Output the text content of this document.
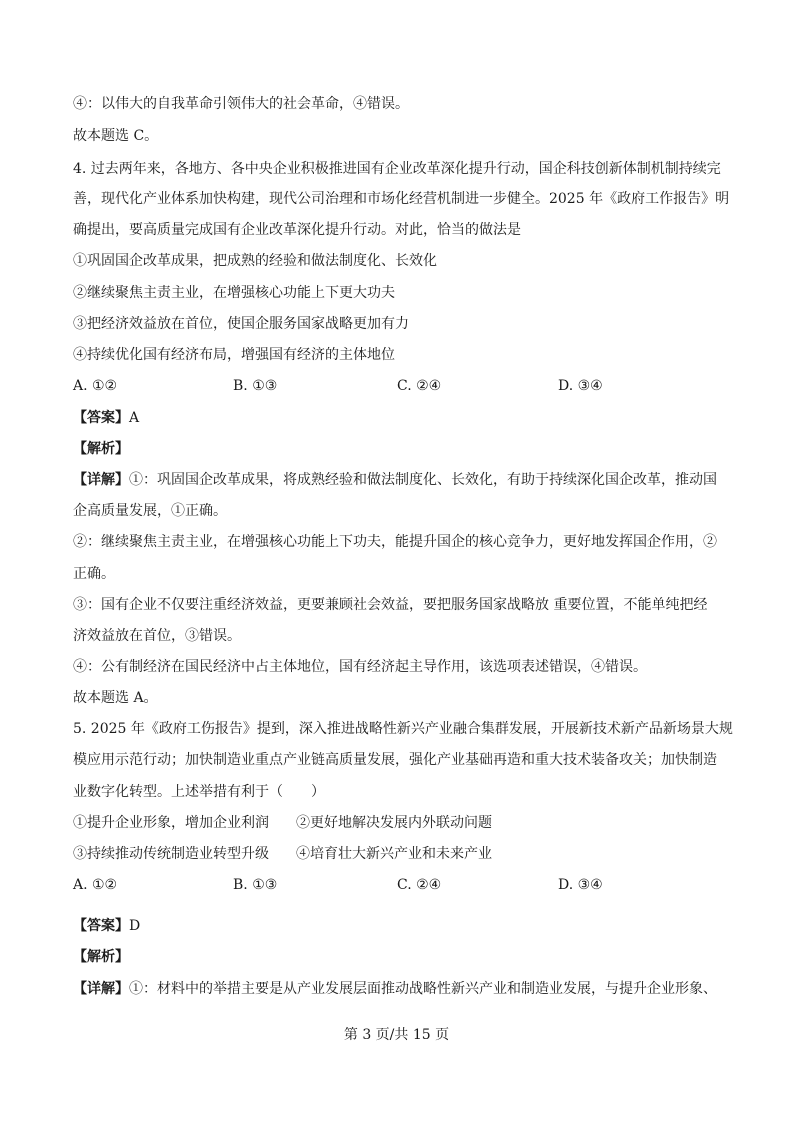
④：以伟大的自我革命引领伟大的社会革命，④错误。
故本题选 C。
4. 过去两年来，各地方、各中央企业积极推进国有企业改革深化提升行动，国企科技创新体制机制持续完
善，现代化产业体系加快构建，现代公司治理和市场化经营机制进一步健全。2025 年《政府工作报告》明
确提出，要高质量完成国有企业改革深化提升行动。对此，恰当的做法是
①巩固国企改革成果，把成熟的经验和做法制度化、长效化
②继续聚焦主责主业，在增强核心功能上下更大功夫
③把经济效益放在首位，使国企服务国家战略更加有力
④持续优化国有经济布局，增强国有经济的主体地位
A. ①②	B. ①③	C. ②④	D. ③④
【答案】A
【解析】
【详解】①：巩固国企改革成果，将成熟经验和做法制度化、长效化，有助于持续深化国企改革，推动国
企高质量发展，①正确。
②：继续聚焦主责主业，在增强核心功能上下功夫，能提升国企的核心竞争力，更好地发挥国企作用，②
正确。
③：国有企业不仅要注重经济效益，更要兼顾社会效益，要把服务国家战略放 重要位置，不能单纯把经
济效益放在首位，③错误。
④：公有制经济在国民经济中占主体地位，国有经济起主导作用，该选项表述错误，④错误。
故本题选 A。
5. 2025 年《政府工伤报告》提到，深入推进战略性新兴产业融合集群发展，开展新技术新产品新场景大规
模应用示范行动；加快制造业重点产业链高质量发展，强化产业基础再造和重大技术装备攻关；加快制造
业数字化转型。上述举措有利于（　　）
①提升企业形象，增加企业利润 ②更好地解决发展内外联动问题
③持续推动传统制造业转型升级 ④培育壮大新兴产业和未来产业
A. ①②	B. ①③	C. ②④	D. ③④
【答案】D
【解析】
【详解】①：材料中的举措主要是从产业发展层面推动战略性新兴产业和制造业发展，与提升企业形象、
第 3 页/共 15 页
